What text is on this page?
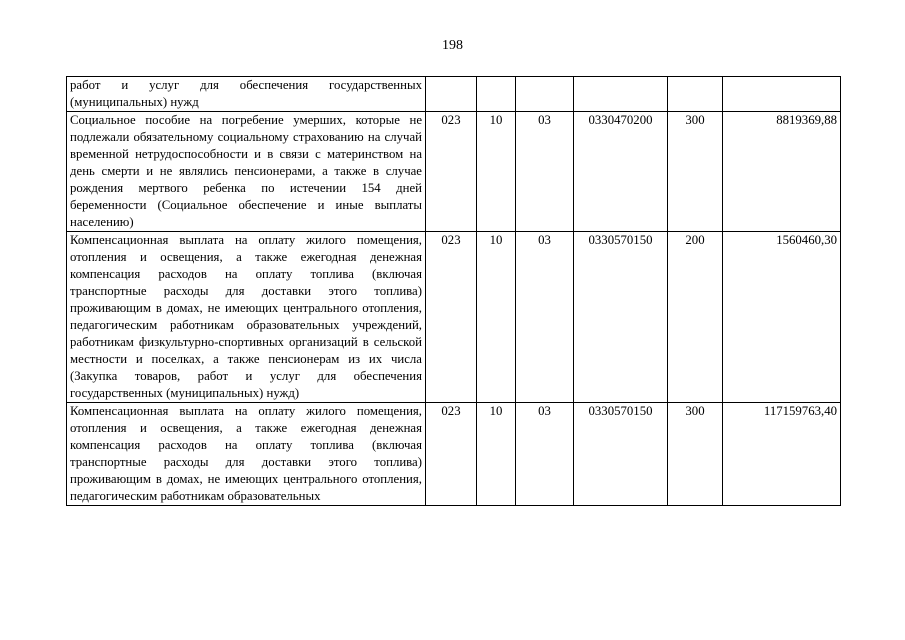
198
работ и услуг для обеспечения государственных (муниципальных) нужд						
Социальное пособие на погребение умерших, которые не подлежали обязательному социальному страхованию на случай временной нетрудоспособности и в связи с материнством на день смерти и не являлись пенсионерами, а также в случае рождения мертвого ребенка по истечении 154 дней беременности (Социальное обеспечение и иные выплаты населению)	023	10	03	0330470200	300	8819369,88
Компенсационная выплата на оплату жилого помещения, отопления и освещения, а также ежегодная денежная компенсация расходов на оплату топлива (включая транспортные расходы для доставки этого топлива) проживающим в домах, не имеющих центрального отопления, педагогическим работникам образовательных учреждений, работникам физкультурно-спортивных организаций в сельской местности и поселках, а также пенсионерам из их числа (Закупка товаров, работ и услуг для обеспечения государственных (муниципальных) нужд)	023	10	03	0330570150	200	1560460,30
Компенсационная выплата на оплату жилого помещения, отопления и освещения, а также ежегодная денежная компенсация расходов на оплату топлива (включая транспортные расходы для доставки этого топлива) проживающим в домах, не имеющих центрального отопления, педагогическим работникам образовательных	023	10	03	0330570150	300	117159763,40
